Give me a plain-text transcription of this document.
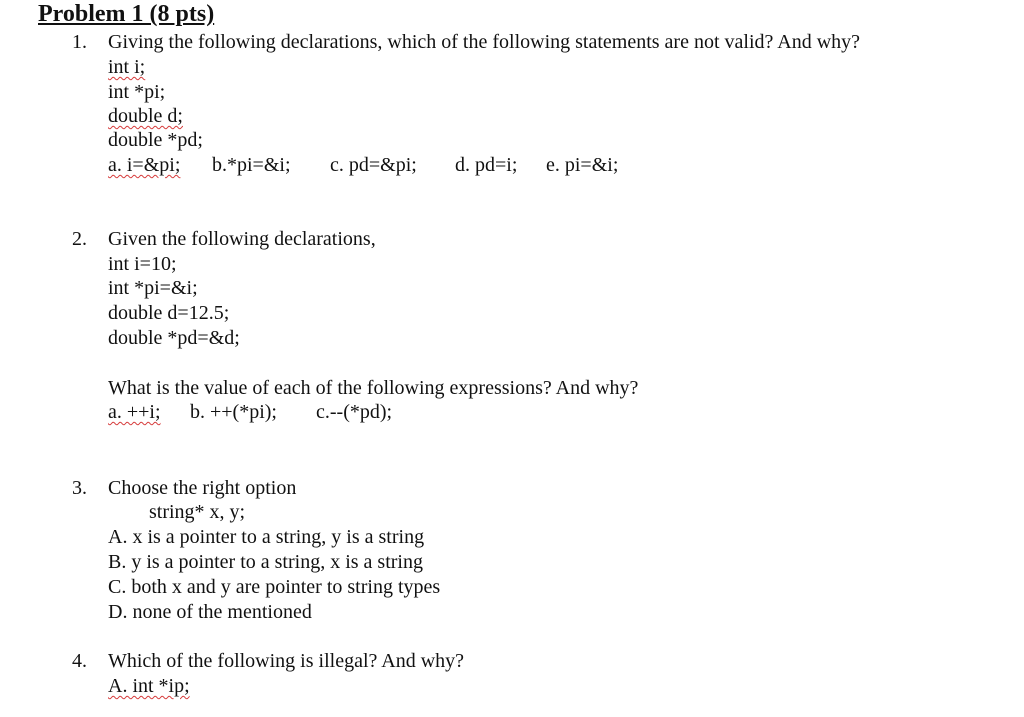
Problem 1 (8 pts)
1. Giving the following declarations, which of the following statements are not valid? And why?
int i;
int *pi;
double d;
double *pd;
a. i=&pi; b.*pi=&i; c. pd=&pi; d. pd=i; e. pi=&i;
2. Given the following declarations,
int i=10;
int *pi=&i;
double d=12.5;
double *pd=&d;
What is the value of each of the following expressions? And why?
a. ++i; b. ++(*pi); c.--(*pd);
3. Choose the right option
string* x, y;
A. x is a pointer to a string, y is a string
B. y is a pointer to a string, x is a string
C. both x and y are pointer to string types
D. none of the mentioned
4. Which of the following is illegal? And why?
A. int *ip;
